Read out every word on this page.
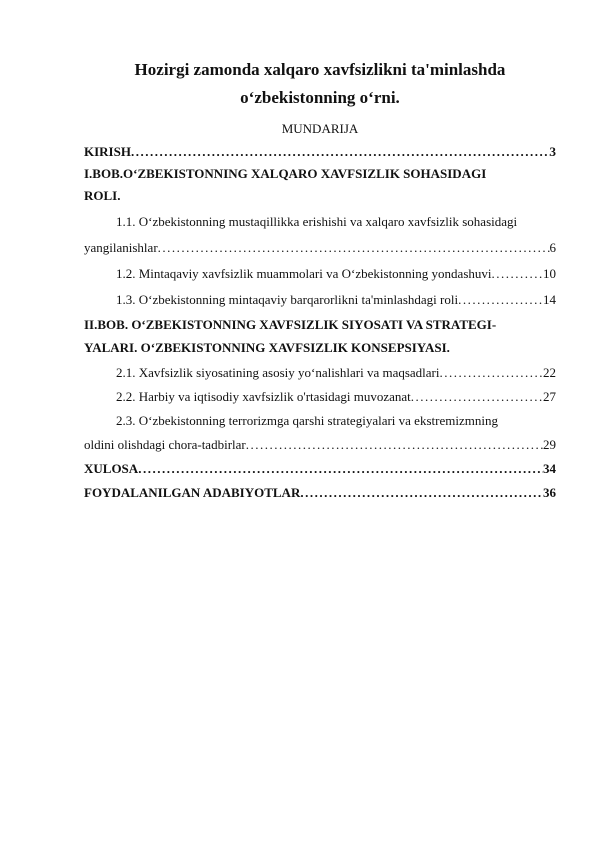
Hozirgi zamonda xalqaro xavfsizlikni ta'minlashda
o‘zbekistonning o‘rni.
MUNDARIJA
KIRISH .....	3
I.BOB.O‘ZBEKISTONNING XALQARO XAVFSIZLIK SOHASIDAGI
ROLI.
1.1. O‘zbekistonning mustaqillikka erishishi va xalqaro xavfsizlik sohasidagi
yangilanishlar .....	6
1.2. Mintaqaviy xavfsizlik muammolari va O‘zbekistonning yondashuvi .....	10
1.3. O‘zbekistonning mintaqaviy barqarorlikni ta'minlashdagi roli .....	14
II.BOB. O‘ZBEKISTONNING XAVFSIZLIK SIYOSATI VA STRATEGI-
YALARI. O‘ZBEKISTONNING XAVFSIZLIK KONSEPSIYASI.
2.1. Xavfsizlik siyosatining asosiy yo‘nalishlari va maqsadlari .....	22
2.2. Harbiy va iqtisodiy xavfsizlik o'rtasidagi muvozanat .....	27
2.3. O‘zbekistonning terrorizmga qarshi strategiyalari va ekstremizmning
oldini olishdagi chora-tadbirlar .....	29
XULOSA .....	34
FOYDALANILGAN ADABIYOTLAR .....	36
